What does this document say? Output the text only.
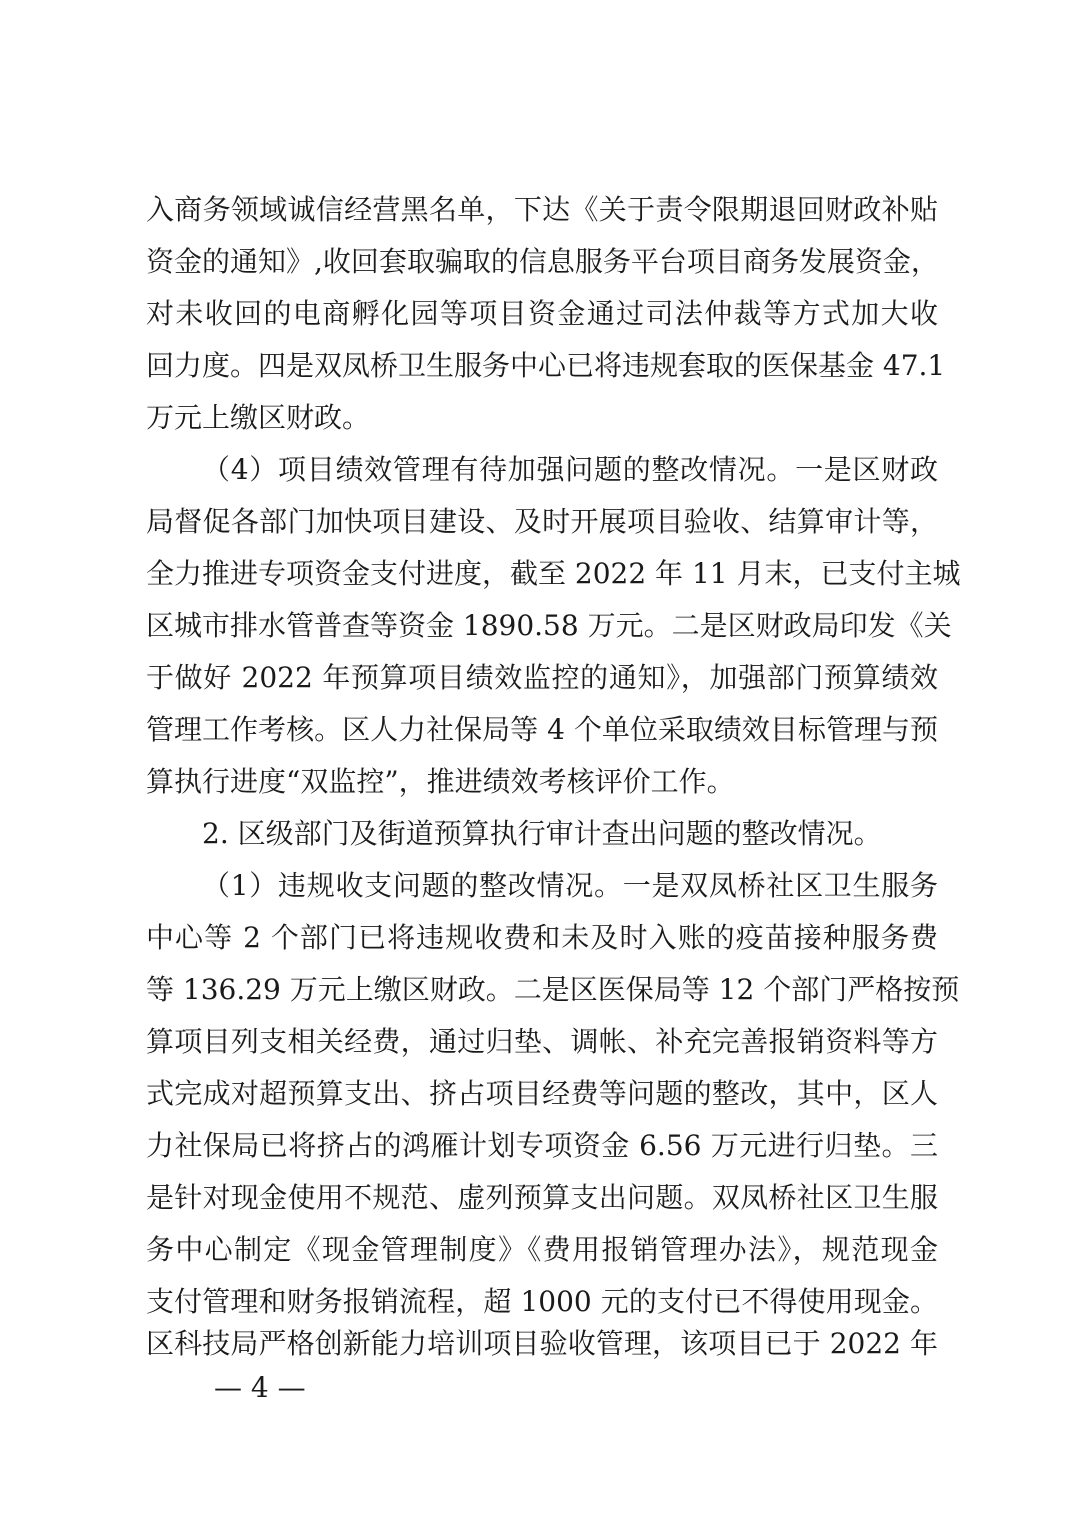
入商务领域诚信经营黑名单，下达《关于责令限期退回财政补贴
资金的通知》,收回套取骗取的信息服务平台项目商务发展资金，
对未收回的电商孵化园等项目资金通过司法仲裁等方式加大收
回力度。四是双凤桥卫生服务中心已将违规套取的医保基金 47.1
万元上缴区财政。
（4）项目绩效管理有待加强问题的整改情况。一是区财政
局督促各部门加快项目建设、及时开展项目验收、结算审计等，
全力推进专项资金支付进度，截至 2022 年 11 月末，已支付主城
区城市排水管普查等资金 1890.58 万元。二是区财政局印发《关
于做好 2022 年预算项目绩效监控的通知》，加强部门预算绩效
管理工作考核。区人力社保局等 4 个单位采取绩效目标管理与预
算执行进度“双监控”，推进绩效考核评价工作。
2. 区级部门及街道预算执行审计查出问题的整改情况。
（1）违规收支问题的整改情况。一是双凤桥社区卫生服务
中心等 2 个部门已将违规收费和未及时入账的疫苗接种服务费
等 136.29 万元上缴区财政。二是区医保局等 12 个部门严格按预
算项目列支相关经费，通过归垫、调帐、补充完善报销资料等方
式完成对超预算支出、挤占项目经费等问题的整改，其中，区人
力社保局已将挤占的鸿雁计划专项资金 6.56 万元进行归垫。三
是针对现金使用不规范、虚列预算支出问题。双凤桥社区卫生服
务中心制定《现金管理制度》《费用报销管理办法》，规范现金
支付管理和财务报销流程，超 1000 元的支付已不得使用现金。
区科技局严格创新能力培训项目验收管理，该项目已于 2022 年
— 4 —
